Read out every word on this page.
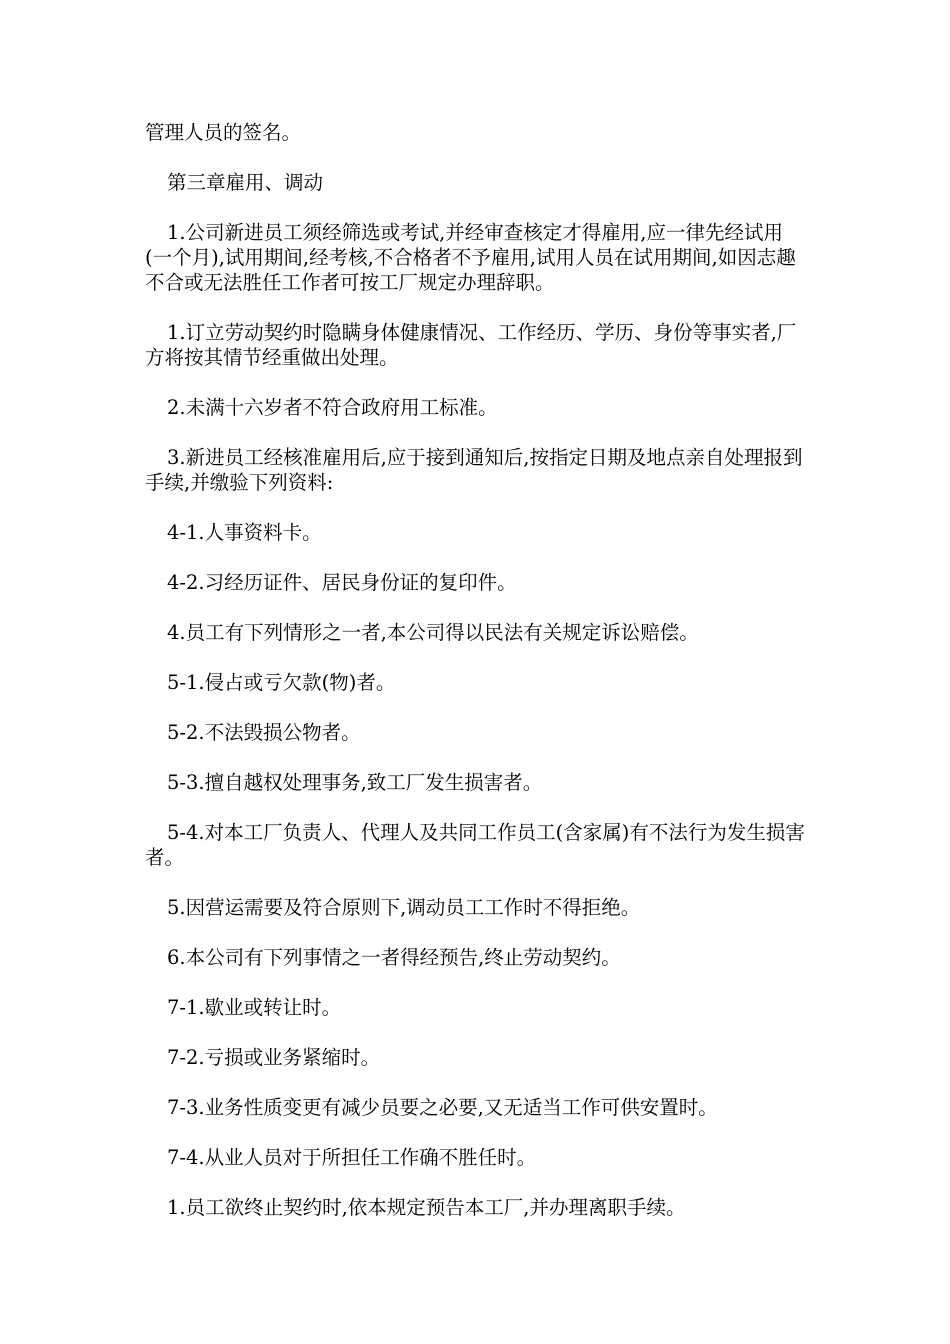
管理人员的签名。

第三章雇用、调动

1.公司新进员工须经筛选或考试,并经审查核定才得雇用,应一律先经试用(一个月),试用期间,经考核,不合格者不予雇用,试用人员在试用期间,如因志趣不合或无法胜任工作者可按工厂规定办理辞职。

1.订立劳动契约时隐瞒身体健康情况、工作经历、学历、身份等事实者,厂方将按其情节经重做出处理。

2.未满十六岁者不符合政府用工标准。

3.新进员工经核准雇用后,应于接到通知后,按指定日期及地点亲自处理报到手续,并缴验下列资料:

4-1.人事资料卡。

4-2.习经历证件、居民身份证的复印件。

4.员工有下列情形之一者,本公司得以民法有关规定诉讼赔偿。

5-1.侵占或亏欠款(物)者。

5-2.不法毁损公物者。

5-3.擅自越权处理事务,致工厂发生损害者。

5-4.对本工厂负责人、代理人及共同工作员工(含家属)有不法行为发生损害者。

5.因营运需要及符合原则下,调动员工工作时不得拒绝。

6.本公司有下列事情之一者得经预告,终止劳动契约。

7-1.歇业或转让时。

7-2.亏损或业务紧缩时。

7-3.业务性质变更有减少员要之必要,又无适当工作可供安置时。

7-4.从业人员对于所担任工作确不胜任时。

1.员工欲终止契约时,依本规定预告本工厂,并办理离职手续。
